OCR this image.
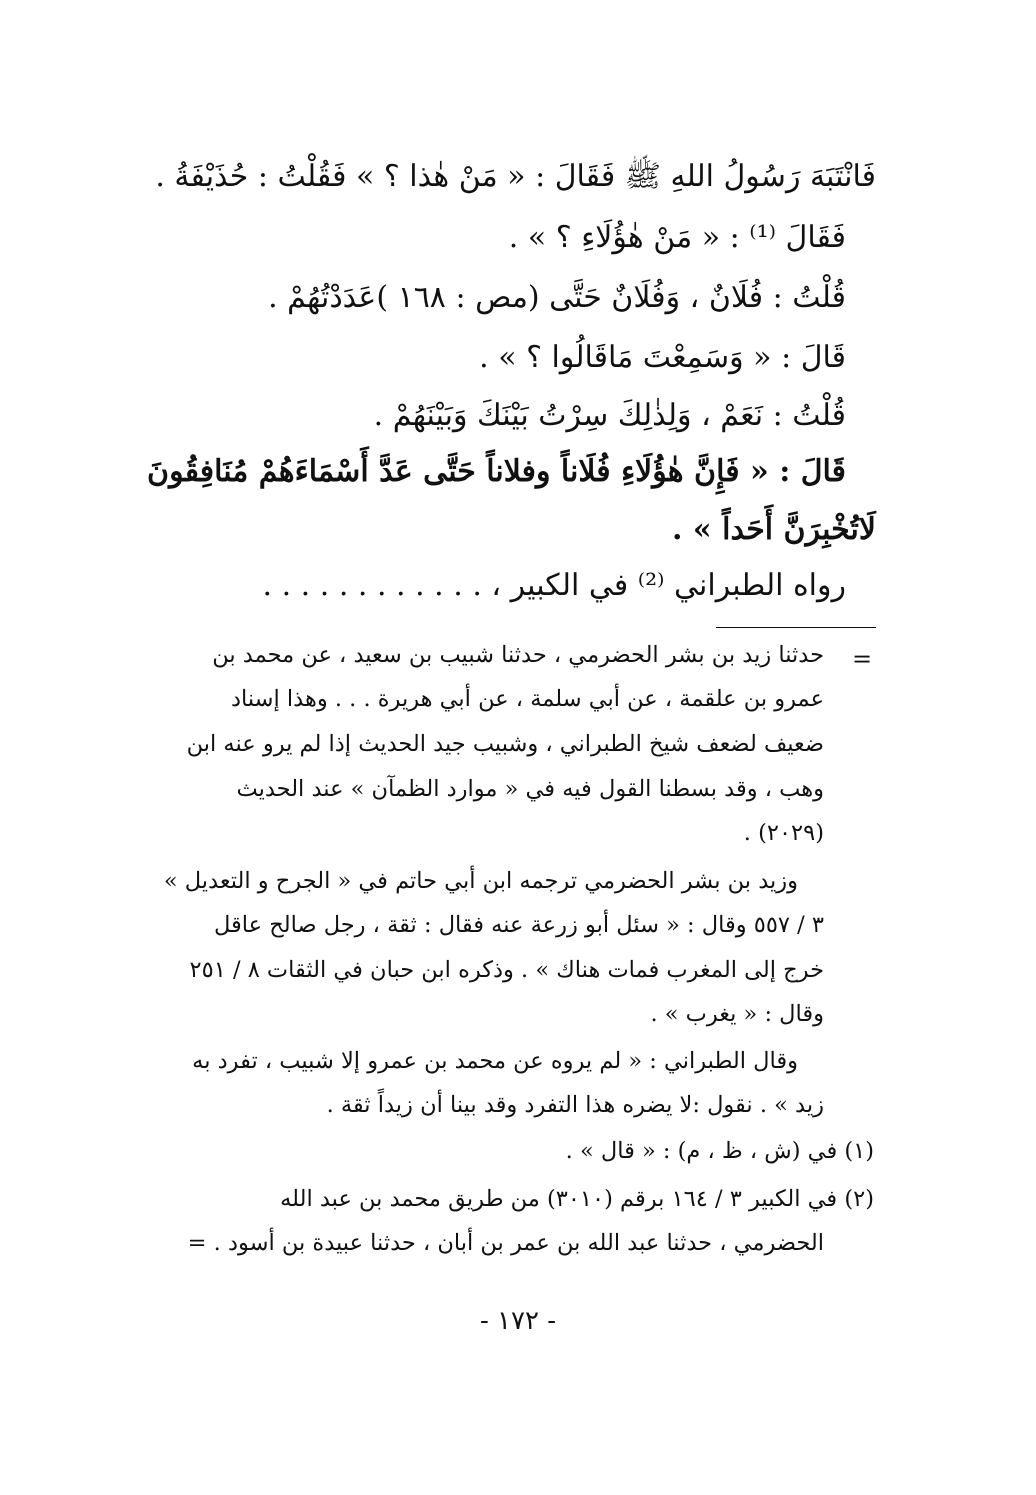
فَانْتَبَهَ رَسُولُ اللهِ ﷺ فَقَالَ : « مَنْ هٰذا ؟ » فَقُلْتُ : حُذَيْفَةُ .
فَقَالَ ⁽¹⁾ : « مَنْ هٰؤُلَاءِ ؟ » .
قُلْتُ : فُلَانٌ ، وَفُلَانٌ حَتَّى (مص : ١٦٨ )عَدَدْتُهُمْ .
قَالَ : « وَسَمِعْتَ مَاقَالُوا ؟ » .
قُلْتُ : نَعَمْ ، وَلِذٰلِكَ سِرْتُ بَيْنَكَ وَبَيْنَهُمْ .
قَالَ : « فَإِنَّ هٰؤُلَاءِ فُلَاناً وفلاناً حَتَّى عَدَّ أَسْمَاءَهُمْ مُنَافِقُونَ
لَاتُخْبِرَنَّ أَحَداً » .
رواه الطبراني ⁽²⁾ في الكبير ، . . . . . . . . . . . .
=
حدثنا زيد بن بشر الحضرمي ، حدثنا شبيب بن سعيد ، عن محمد بن
عمرو بن علقمة ، عن أبي سلمة ، عن أبي هريرة . . . وهذا إسناد
ضعيف لضعف شيخ الطبراني ، وشبيب جيد الحديث إذا لم يرو عنه ابن
وهب ، وقد بسطنا القول فيه في « موارد الظمآن » عند الحديث
(٢٠٢٩) .
وزيد بن بشر الحضرمي ترجمه ابن أبي حاتم في « الجرح و التعديل »
٣ / ٥٥٧ وقال : « سئل أبو زرعة عنه فقال : ثقة ، رجل صالح عاقل
خرج إلى المغرب فمات هناك » . وذكره ابن حبان في الثقات ٨ / ٢٥١
وقال : « يغرب » .
وقال الطبراني : « لم يروه عن محمد بن عمرو إلا شبيب ، تفرد به
زيد » . نقول :لا يضره هذا التفرد وقد بينا أن زيداً ثقة .
(١) في (ش ، ظ ، م) : « قال » .
(٢) في الكبير ٣ / ١٦٤ برقم (٣٠١٠) من طريق محمد بن عبد الله
الحضرمي ، حدثنا عبد الله بن عمر بن أبان ، حدثنا عبيدة بن أسود . =
- ١٧٢ -
